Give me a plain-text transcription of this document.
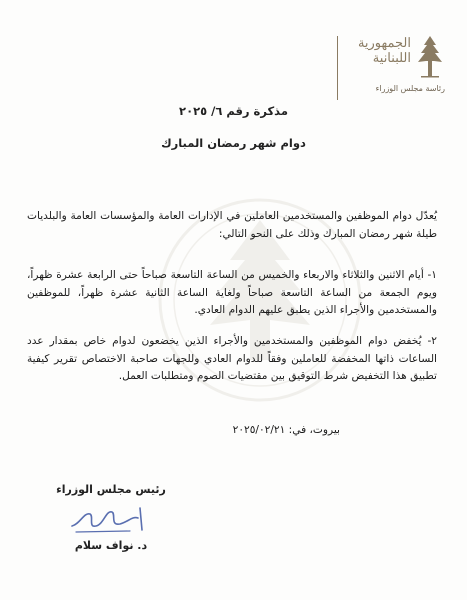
الجمهورية اللبنانية
رئاسة مجلس الوزراء
مذكرة رقم ٦/ ٢٠٢٥
دوام شهر رمضان المبارك

يُعدّل دوام الموظفين والمستخدمين العاملين في الإدارات العامة والمؤسسات العامة والبلديات طيلة شهر رمضان المبارك وذلك على النحو التالي:

١- أيام الاثنين والثلاثاء والاربعاء والخميس من الساعة التاسعة صباحاً حتى الرابعة عشرة ظهراً، ويوم الجمعة من الساعة التاسعة صباحاً ولغاية الساعة الثانية عشرة ظهراً، للموظفين والمستخدمين والأجراء الذين يطبق عليهم الدوام العادي.

٢- يُخفض دوام الموظفين والمستخدمين والأجراء الذين يخضعون لدوام خاص بمقدار عدد الساعات ذاتها المخفضة للعاملين وفقاً للدوام العادي وللجهات صاحبة الاختصاص تقرير كيفية تطبيق هذا التخفيض شرط التوقيق بين مقتضيات الصوم ومتطلبات العمل.

بيروت، في: ٢٠٢٥/٠٢/٢١
رئيس مجلس الوزراء
د. نواف سلام
